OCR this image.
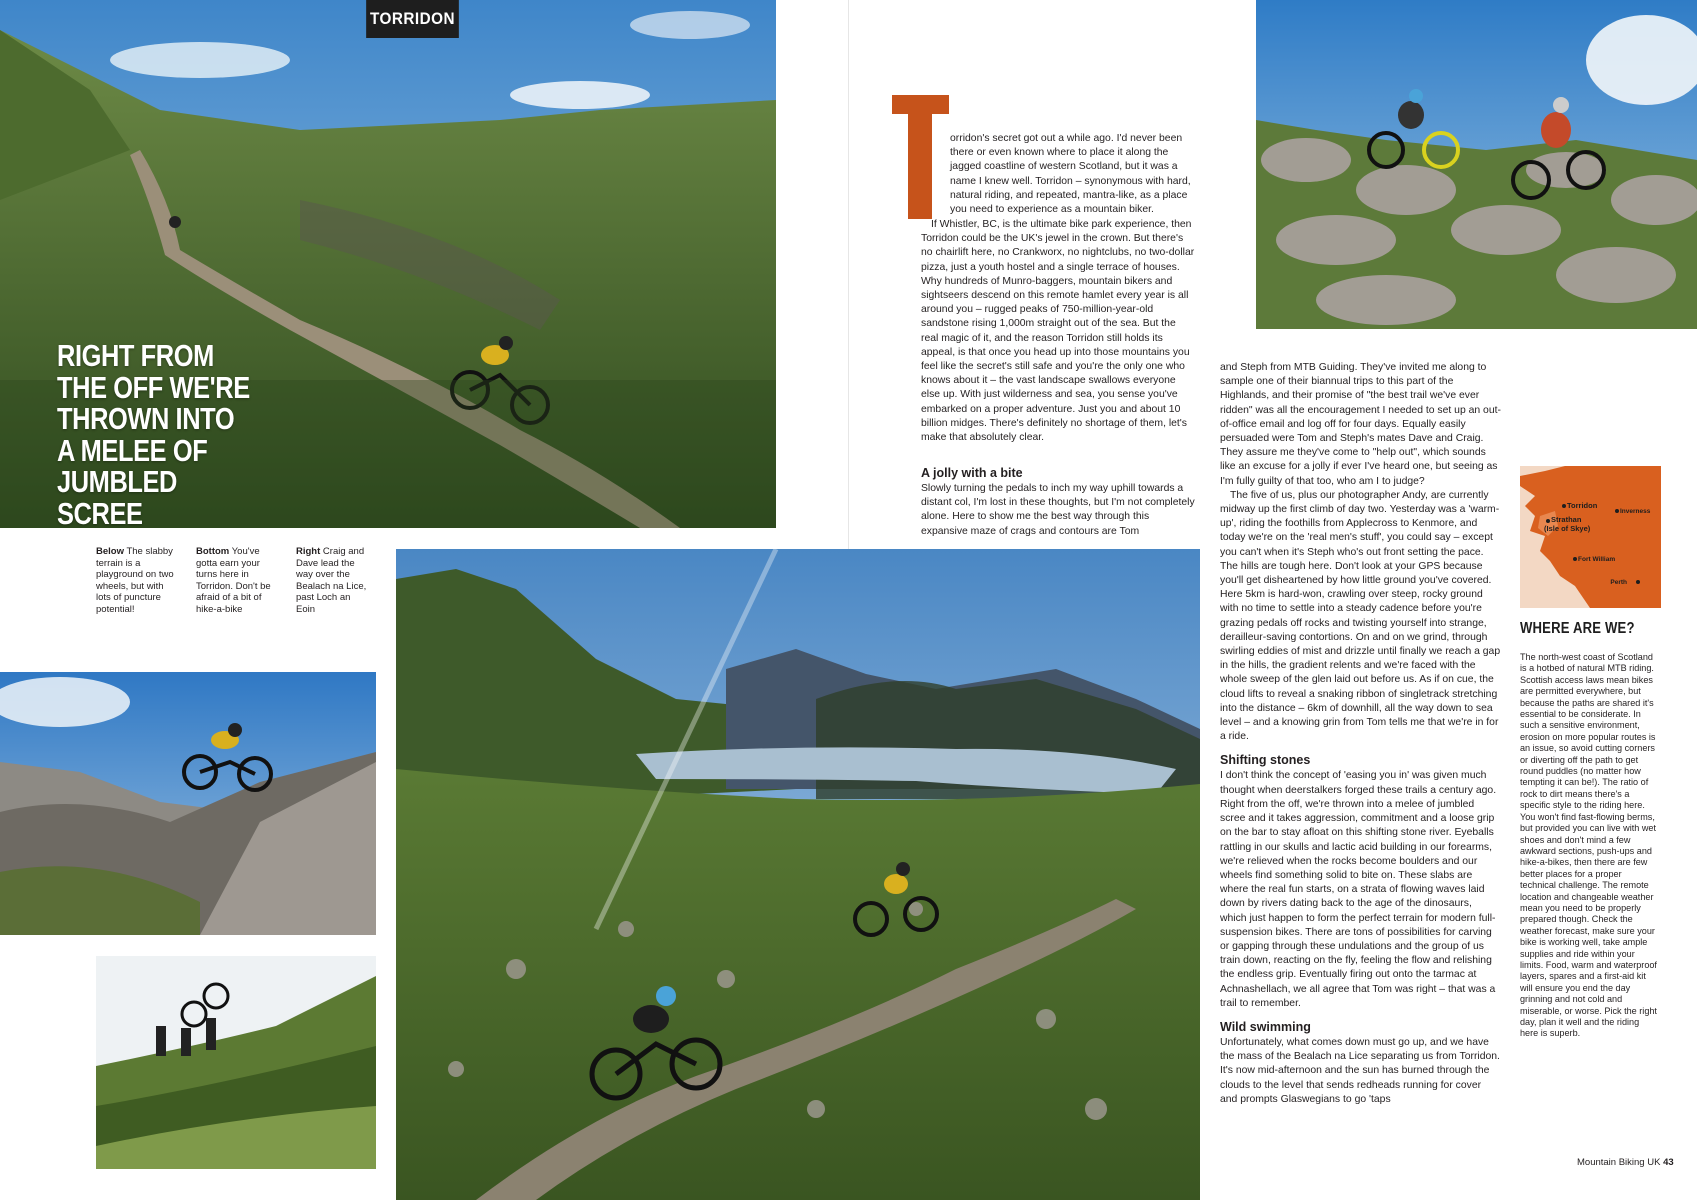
TORRIDON
RIGHT FROM THE OFF WE'RE THROWN INTO A MELEE OF JUMBLED SCREE
Below The slabby terrain is a playground on two wheels, but with lots of puncture potential!
Bottom You've gotta earn your turns here in Torridon. Don't be afraid of a bit of hike-a-bike
Right Craig and Dave lead the way over the Bealach na Lice, past Loch an Eoin

orridon's secret got out a while ago. I'd never been there or even known where to place it along the jagged coastline of western Scotland, but it was a name I knew well. Torridon – synonymous with hard, natural riding, and repeated, mantra-like, as a place you need to experience as a mountain biker.

If Whistler, BC, is the ultimate bike park experience, then Torridon could be the UK's jewel in the crown. But there's no chairlift here, no Crankworx, no nightclubs, no two-dollar pizza, just a youth hostel and a single terrace of houses. Why hundreds of Munro-baggers, mountain bikers and sightseers descend on this remote hamlet every year is all around you – rugged peaks of 750-million-year-old sandstone rising 1,000m straight out of the sea. But the real magic of it, and the reason Torridon still holds its appeal, is that once you head up into those mountains you feel like the secret's still safe and you're the only one who knows about it – the vast landscape swallows everyone else up. With just wilderness and sea, you sense you've embarked on a proper adventure. Just you and about 10 billion midges. There's definitely no shortage of them, let's make that absolutely clear.

A jolly with a bite

Slowly turning the pedals to inch my way uphill towards a distant col, I'm lost in these thoughts, but I'm not completely alone. Here to show me the best way through this expansive maze of crags and contours are Tom

and Steph from MTB Guiding. They've invited me along to sample one of their biannual trips to this part of the Highlands, and their promise of "the best trail we've ever ridden" was all the encouragement I needed to set up an out-of-office email and log off for four days. Equally easily persuaded were Tom and Steph's mates Dave and Craig. They assure me they've come to "help out", which sounds like an excuse for a jolly if ever I've heard one, but seeing as I'm fully guilty of that too, who am I to judge?

The five of us, plus our photographer Andy, are currently midway up the first climb of day two. Yesterday was a 'warm-up', riding the foothills from Applecross to Kenmore, and today we're on the 'real men's stuff', you could say – except you can't when it's Steph who's out front setting the pace. The hills are tough here. Don't look at your GPS because you'll get disheartened by how little ground you've covered. Here 5km is hard-won, crawling over steep, rocky ground with no time to settle into a steady cadence before you're grazing pedals off rocks and twisting yourself into strange, derailleur-saving contortions. On and on we grind, through swirling eddies of mist and drizzle until finally we reach a gap in the hills, the gradient relents and we're faced with the whole sweep of the glen laid out before us. As if on cue, the cloud lifts to reveal a snaking ribbon of singletrack stretching into the distance – 6km of downhill, all the way down to sea level – and a knowing grin from Tom tells me that we're in for a ride.

Shifting stones

I don't think the concept of 'easing you in' was given much thought when deerstalkers forged these trails a century ago. Right from the off, we're thrown into a melee of jumbled scree and it takes aggression, commitment and a loose grip on the bar to stay afloat on this shifting stone river. Eyeballs rattling in our skulls and lactic acid building in our forearms, we're relieved when the rocks become boulders and our wheels find something solid to bite on. These slabs are where the real fun starts, on a strata of flowing waves laid down by rivers dating back to the age of the dinosaurs, which just happen to form the perfect terrain for modern full-suspension bikes. There are tons of possibilities for carving or gapping through these undulations and the group of us train down, reacting on the fly, feeling the flow and relishing the endless grip. Eventually firing out onto the tarmac at Achnashellach, we all agree that Tom was right – that was a trail to remember.

Wild swimming

Unfortunately, what comes down must go up, and we have the mass of the Bealach na Lice separating us from Torridon. It's now mid-afternoon and the sun has burned through the clouds to the level that sends redheads running for cover and prompts Glaswegians to go 'taps

Torridon
Inverness
Strathan
(Isle of Skye)
Fort William
Perth
WHERE ARE WE?
The north-west coast of Scotland is a hotbed of natural MTB riding. Scottish access laws mean bikes are permitted everywhere, but because the paths are shared it's essential to be considerate. In such a sensitive environment, erosion on more popular routes is an issue, so avoid cutting corners or diverting off the path to get round puddles (no matter how tempting it can be!). The ratio of rock to dirt means there's a specific style to the riding here. You won't find fast-flowing berms, but provided you can live with wet shoes and don't mind a few awkward sections, push-ups and hike-a-bikes, then there are few better places for a proper technical challenge. The remote location and changeable weather mean you need to be properly prepared though. Check the weather forecast, make sure your bike is working well, take ample supplies and ride within your limits. Food, warm and waterproof layers, spares and a first-aid kit will ensure you end the day grinning and not cold and miserable, or worse. Pick the right day, plan it well and the riding here is superb.
Mountain Biking UK 43
